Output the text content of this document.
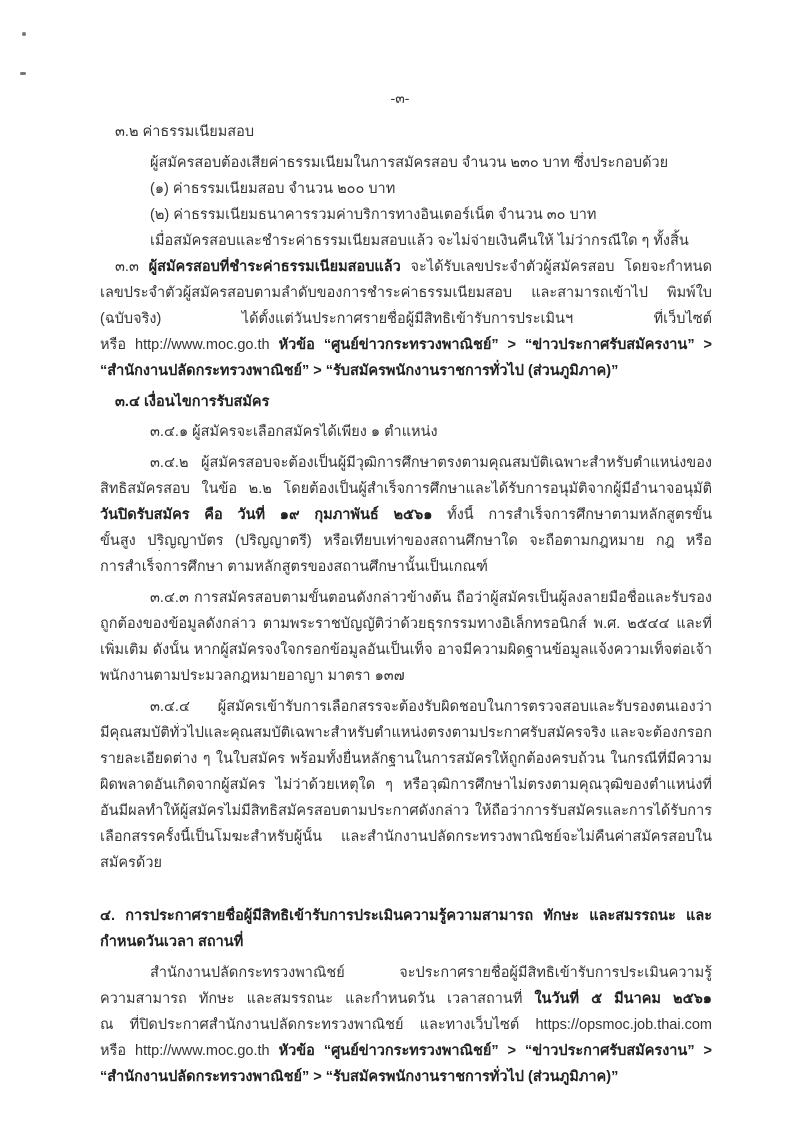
-๓-
๓.๒ ค่าธรรมเนียมสอบ
ผู้สมัครสอบต้องเสียค่าธรรมเนียมในการสมัครสอบ จำนวน ๒๓๐ บาท ซึ่งประกอบด้วย
(๑) ค่าธรรมเนียมสอบ จำนวน ๒๐๐ บาท
(๒) ค่าธรรมเนียมธนาคารรวมค่าบริการทางอินเตอร์เน็ต จำนวน ๓๐ บาท
เมื่อสมัครสอบและชำระค่าธรรมเนียมสอบแล้ว จะไม่จ่ายเงินคืนให้ ไม่ว่ากรณีใด ๆ ทั้งสิ้น
๓.๓ ผู้สมัครสอบที่ชำระค่าธรรมเนียมสอบแล้ว จะได้รับเลขประจำตัวผู้สมัครสอบ โดยจะกำหนด
เลขประจำตัวผู้สมัครสอบตามลำดับของการชำระค่าธรรมเนียมสอบ และสามารถเข้าไป พิมพ์ใบ
(ฉบับจริง) ได้ตั้งแต่วันประกาศรายชื่อผู้มีสิทธิเข้ารับการประเมินฯ ที่เว็บไซต์
หรือ http://www.moc.go.th หัวข้อ “ศูนย์ข่าวกระทรวงพาณิชย์” > “ข่าวประกาศรับสมัครงาน” >
“สำนักงานปลัดกระทรวงพาณิชย์” > “รับสมัครพนักงานราชการทั่วไป (ส่วนภูมิภาค)”
๓.๔ เงื่อนไขการรับสมัคร
๓.๔.๑ ผู้สมัครจะเลือกสมัครได้เพียง ๑ ตำแหน่ง
๓.๔.๒ ผู้สมัครสอบจะต้องเป็นผู้มีวุฒิการศึกษาตรงตามคุณสมบัติเฉพาะสำหรับตำแหน่งของ
สิทธิสมัครสอบ ในข้อ ๒.๒ โดยต้องเป็นผู้สำเร็จการศึกษาและได้รับการอนุมัติจากผู้มีอำนาจอนุมัติ
วันปิดรับสมัคร คือ วันที่ ๑๙ กุมภาพันธ์ ๒๕๖๑ ทั้งนี้ การสำเร็จการศึกษาตามหลักสูตรขั้น
ขั้นสูง ปริญญาบัตร (ปริญญาตรี) หรือเทียบเท่าของสถานศึกษาใด จะถือตามกฎหมาย กฎ หรือ
การสำเร็จการศึกษา ตามหลักสูตรของสถานศึกษานั้นเป็นเกณฑ์
๓.๔.๓ การสมัครสอบตามขั้นตอนดังกล่าวข้างต้น ถือว่าผู้สมัครเป็นผู้ลงลายมือชื่อและรับรอง
ถูกต้องของข้อมูลดังกล่าว ตามพระราชบัญญัติว่าด้วยธุรกรรมทางอิเล็กทรอนิกส์ พ.ศ. ๒๕๔๔ และที่
เพิ่มเติม ดังนั้น หากผู้สมัครจงใจกรอกข้อมูลอันเป็นเท็จ อาจมีความผิดฐานข้อมูลแจ้งความเท็จต่อเจ้า
พนักงานตามประมวลกฎหมายอาญา มาตรา ๑๓๗
๓.๔.๔ ผู้สมัครเข้ารับการเลือกสรรจะต้องรับผิดชอบในการตรวจสอบและรับรองตนเองว่า
มีคุณสมบัติทั่วไปและคุณสมบัติเฉพาะสำหรับตำแหน่งตรงตามประกาศรับสมัครจริง และจะต้องกรอก
รายละเอียดต่าง ๆ ในใบสมัคร พร้อมทั้งยื่นหลักฐานในการสมัครให้ถูกต้องครบถ้วน ในกรณีที่มีความ
ผิดพลาดอันเกิดจากผู้สมัคร ไม่ว่าด้วยเหตุใด ๆ หรือวุฒิการศึกษาไม่ตรงตามคุณวุฒิของตำแหน่งที่
อันมีผลทำให้ผู้สมัครไม่มีสิทธิสมัครสอบตามประกาศดังกล่าว ให้ถือว่าการรับสมัครและการได้รับการ
เลือกสรรครั้งนี้เป็นโมฆะสำหรับผู้นั้น และสำนักงานปลัดกระทรวงพาณิชย์จะไม่คืนค่าสมัครสอบใน
สมัครด้วย
๔. การประกาศรายชื่อผู้มีสิทธิเข้ารับการประเมินความรู้ความสามารถ ทักษะ และสมรรถนะ และ
กำหนดวันเวลา สถานที่
สำนักงานปลัดกระทรวงพาณิชย์ จะประกาศรายชื่อผู้มีสิทธิเข้ารับการประเมินความรู้
ความสามารถ ทักษะ และสมรรถนะ และกำหนดวัน เวลาสถานที่ ในวันที่ ๕ มีนาคม ๒๕๖๑
ณ ที่ปิดประกาศสำนักงานปลัดกระทรวงพาณิชย์ และทางเว็บไซต์ https://opsmoc.job.thai.com
หรือ http://www.moc.go.th หัวข้อ “ศูนย์ข่าวกระทรวงพาณิชย์” > “ข่าวประกาศรับสมัครงาน” >
“สำนักงานปลัดกระทรวงพาณิชย์” > “รับสมัครพนักงานราชการทั่วไป (ส่วนภูมิภาค)”
